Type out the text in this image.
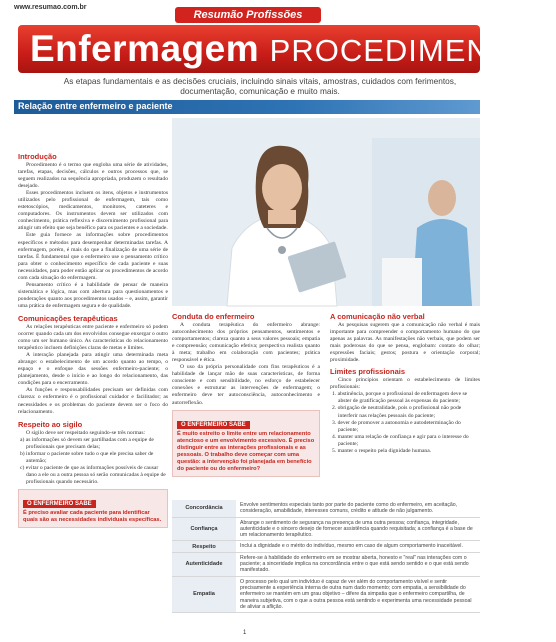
www.resumao.com.br
Resumão Profissões
Enfermagem PROCEDIMENTOS
As etapas fundamentais e as decisões cruciais, incluindo sinais vitais, amostras, cuidados com ferimentos, documentação, comunicação e muito mais.
Relação entre enfermeiro e paciente
Introdução

Procedimento é o termo que engloba uma série de atividades, tarefas, etapas, decisões, cálculos e outros processos que, se seguem realizados na sequência apropriada, produzem o resultado desejado.

Esses procedimentos incluem os itens, objetos e instrumentos utilizados pelo profissional de enfermagem, tais como estetoscópios, medicamentos, monitores, cateteres e computadores. Os instrumentos devem ser utilizados com conhecimento, prática reflexiva e discernimento profissional para atingir um efeito que seja benéfico para os pacientes e a sociedade.

Este guia fornece as informações sobre procedimentos específicos e métodos para desempenhar determinadas tarefas. A enfermagem, porém, é mais do que a finalização de uma série de tarefas. É fundamental que o enfermeiro use o pensamento crítico para obter o conhecimento específico de cada paciente e suas necessidades, para poder então aplicar os procedimentos de acordo com cada situação do enfermagem.

Pensamento crítico é a habilidade de pensar de maneira sistemática e lógica, mas com abertura para questionamentos e ponderações quanto aos procedimentos usados – e, assim, garantir uma prática de enfermagem segura e de qualidade.

Comunicações terapêuticas

As relações terapêuticas entre paciente e enfermeiro só podem ocorrer quando cada um dos envolvidos consegue enxergar o outro como um ser humano único. As características do relacionamento terapêutico incluem definições claras de metas e limites.

A interação planejada para atingir uma determinada meta abrange: o estabelecimento de um acordo quanto ao tempo, o espaço e o enfoque das sessões enfermeiro-paciente; o planejamento, desde o início e ao longo do relacionamento, das condições para o encerramento.

As funções e responsabilidades precisam ser definidas com clareza: o enfermeiro é o profissional cuidador e facilitador; as necessidades e os problemas do paciente devem ser o foco do relacionamento.

Respeito ao sigilo

O sigilo deve ser respeitado seguindo-se três normas:

a) as informações só devem ser partilhadas com a equipe de profissionais que precisam delas;
b) informar o paciente sobre tudo o que ele precisa saber de antemão;
c) evitar o paciente de que as informações possíveis de causar dano a ele ou a outra pessoa só serão comunicadas à equipe de profissionais quando necessário.
O ENFERMEIRO SABE
É preciso avaliar cada paciente para identificar quais são as necessidades individuais específicas.
Conduta do enfermeiro

A conduta terapêutica do enfermeiro abrange: autoconhecimento dos próprios pensamentos, sentimentos e comportamentos; clareza quanto a seus valores pessoais; empatia e compreensão; comunicação efetiva; perspectiva realista quanto à meta; trabalho em colaboração com pacientes; prática responsável e ética.

O uso da própria personalidade com fins terapêuticos é a habilidade de lançar mão de suas características, de forma consciente e com sensibilidade, no esforço de estabelecer conexões e estruturar as intervenções de enfermagem; o enfermeiro deve ter autoconsciência, autoconhecimento e autorreflexão.

O ENFERMEIRO SABE
É muito estreito o limite entre um relacionamento atencioso e um envolvimento excessivo. É preciso distinguir entre as interações profissionais e as pessoais. O trabalho deve começar com uma questão: a intervenção foi planejada em benefício do paciente ou do enfermeiro?
A comunicação não verbal

As pesquisas sugerem que a comunicação não verbal é mais importante para compreender o comportamento humano do que apenas as palavras. As manifestações não verbais, que podem ser mais poderosas do que se pensa, englobam: contato do olhar; expressões faciais; gestos; postura e orientação corporal; proximidade.

Limites profissionais

Cinco princípios orientam o estabelecimento de limites profissionais:

1. abstinência, porque o profissional de enfermagem deve se abster de gratificação pessoal às expensas do paciente;
2. obrigação de neutralidade, pois o profissional não pode interferir nas relações pessoais do paciente;
3. dever de promover a autonomia e autodeterminação do paciente;
4. manter uma relação de confiança e agir para o interesse do paciente;
5. manter o respeito pela dignidade humana.
Concordância	Envolve sentimentos especiais tanto por parte do paciente como do enfermeiro, em aceitação, consideração, amabilidade, interesses comuns, crédito e atitude de não julgamento.
Confiança	Abrange o sentimento de segurança na presença de uma outra pessoa; confiança, integridade, autenticidade e o sincero desejo de fornecer assistência quando requisitada; a confiança é a base de um relacionamento terapêutico.
Respeito	Inclui a dignidade e o mérito do indivíduo, mesmo em caso de algum comportamento inaceitável.
Autenticidade	Refere-se à habilidade do enfermeiro em se mostrar aberta, honesto e "real" nas interações com o paciente; a sinceridade implica na concordância entre o que está sendo sentido e o que está sendo manifestado.
Empatia	O processo pelo qual um indivíduo é capaz de ver além do comportamento visível e sentir precisamente a experiência interna de outra num dado momento; com empatia, a sensibilidade do enfermeiro se mantém em um grau objetivo – difere da simpatia que o enfermeiro compartilha, de maneira subjetiva, com o que a outra pessoa está sentindo e experimenta uma necessidade pessoal de aliviar a aflição.
1
